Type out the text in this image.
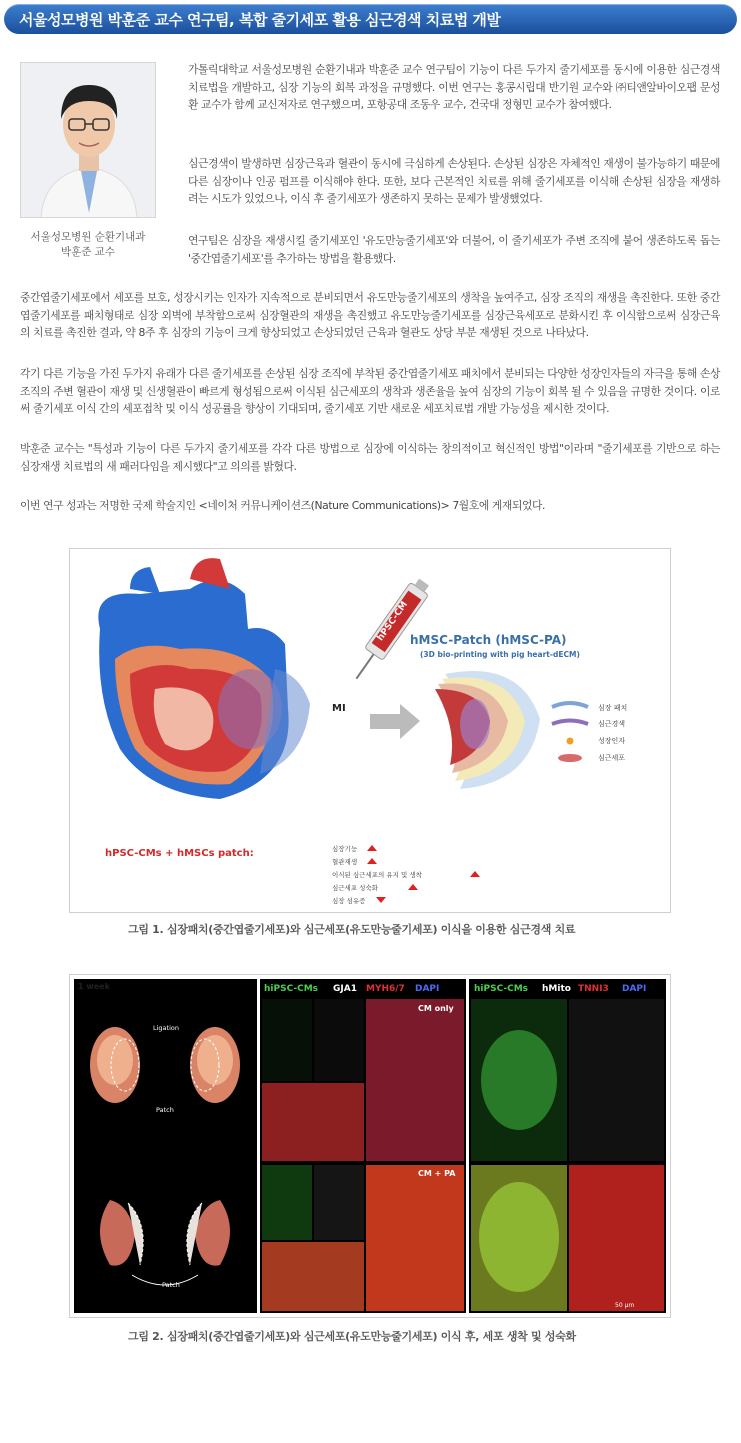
서울성모병원 박훈준 교수 연구팀, 복합 줄기세포 활용 심근경색 치료법 개발
서울성모병원 순환기내과
박훈준 교수
가톨릭대학교 서울성모병원 순환기내과 박훈준 교수 연구팀이 기능이 다른 두가지 줄기세포를 동시에 이용한 심근경색 치료법을 개발하고, 심장 기능의 회복 과정을 규명했다. 이번 연구는 홍콩시립대 반기원 교수와 ㈜티앤알바이오팹 문성환 교수가 함께 교신저자로 연구했으며, 포항공대 조동우 교수, 건국대 정형민 교수가 참여했다.
심근경색이 발생하면 심장근육과 혈관이 동시에 극심하게 손상된다. 손상된 심장은 자체적인 재생이 불가능하기 때문에 다른 심장이나 인공 펌프를 이식해야 한다. 또한, 보다 근본적인 치료를 위해 줄기세포를 이식해 손상된 심장을 재생하려는 시도가 있었으나, 이식 후 줄기세포가 생존하지 못하는 문제가 발생했었다.
연구팀은 심장을 재생시킬 줄기세포인 '유도만능줄기세포'와 더불어, 이 줄기세포가 주변 조직에 붙어 생존하도록 돕는 '중간엽줄기세포'를 추가하는 방법을 활용했다.
중간엽줄기세포에서 세포를 보호, 성장시키는 인자가 지속적으로 분비되면서 유도만능줄기세포의 생착을 높여주고, 심장 조직의 재생을 촉진한다. 또한 중간엽줄기세포를 패치형태로 심장 외벽에 부착함으로써 심장혈관의 재생을 촉진했고 유도만능줄기세포를 심장근육세포로 분화시킨 후 이식함으로써 심장근육의 치료를 촉진한 결과, 약 8주 후 심장의 기능이 크게 향상되었고 손상되었던 근육과 혈관도 상당 부분 재생된 것으로 나타났다.
각기 다른 기능을 가진 두가지 유래가 다른 줄기세포를 손상된 심장 조직에 부착된 중간엽줄기세포 패치에서 분비되는 다양한 성장인자들의 자극을 통해 손상조직의 주변 혈관이 재생 및 신생혈관이 빠르게 형성됨으로써 이식된 심근세포의 생착과 생존율을 높여 심장의 기능이 회복 될 수 있음을 규명한 것이다. 이로써 줄기세포 이식 간의 세포접착 및 이식 성공률을 향상이 기대되며, 줄기세포 기반 새로운 세포치료법 개발 가능성을 제시한 것이다.
박훈준 교수는 "특성과 기능이 다른 두가지 줄기세포를 각각 다른 방법으로 심장에 이식하는 창의적이고 혁신적인 방법"이라며 "줄기세포를 기반으로 하는 심장재생 치료법의 새 패러다임을 제시했다"고 의의를 밝혔다.
이번 연구 성과는 저명한 국제 학술지인 <네이처 커뮤니케이션즈(Nature Communications)> 7월호에 게재되었다.
MI
hPSC-CM hMSC-Patch (hMSC-PA)
(3D bio-printing with pig heart-dECM)
심장 패치
심근경색
성장인자
심근세포
hPSC-CMs + hMSCs patch:	심장기능
혈관재생
이식된 심근세포의 유지 및 생착
심근세포 성숙화
심장 섬유증
그림 1. 심장패치(중간엽줄기세포)와 심근세포(유도만능줄기세포) 이식을 이용한 심근경색 치료
1 week
Ligation
Patch
Patch
hiPSC-CMs GJA1 MYH6/7 DAPI
CM only
CM + PA
hiPSC-CMs hMito TNNI3 DAPI
50 μm
그림 2. 심장패치(중간엽줄기세포)와 심근세포(유도만능줄기세포) 이식 후, 세포 생착 및 성숙화
